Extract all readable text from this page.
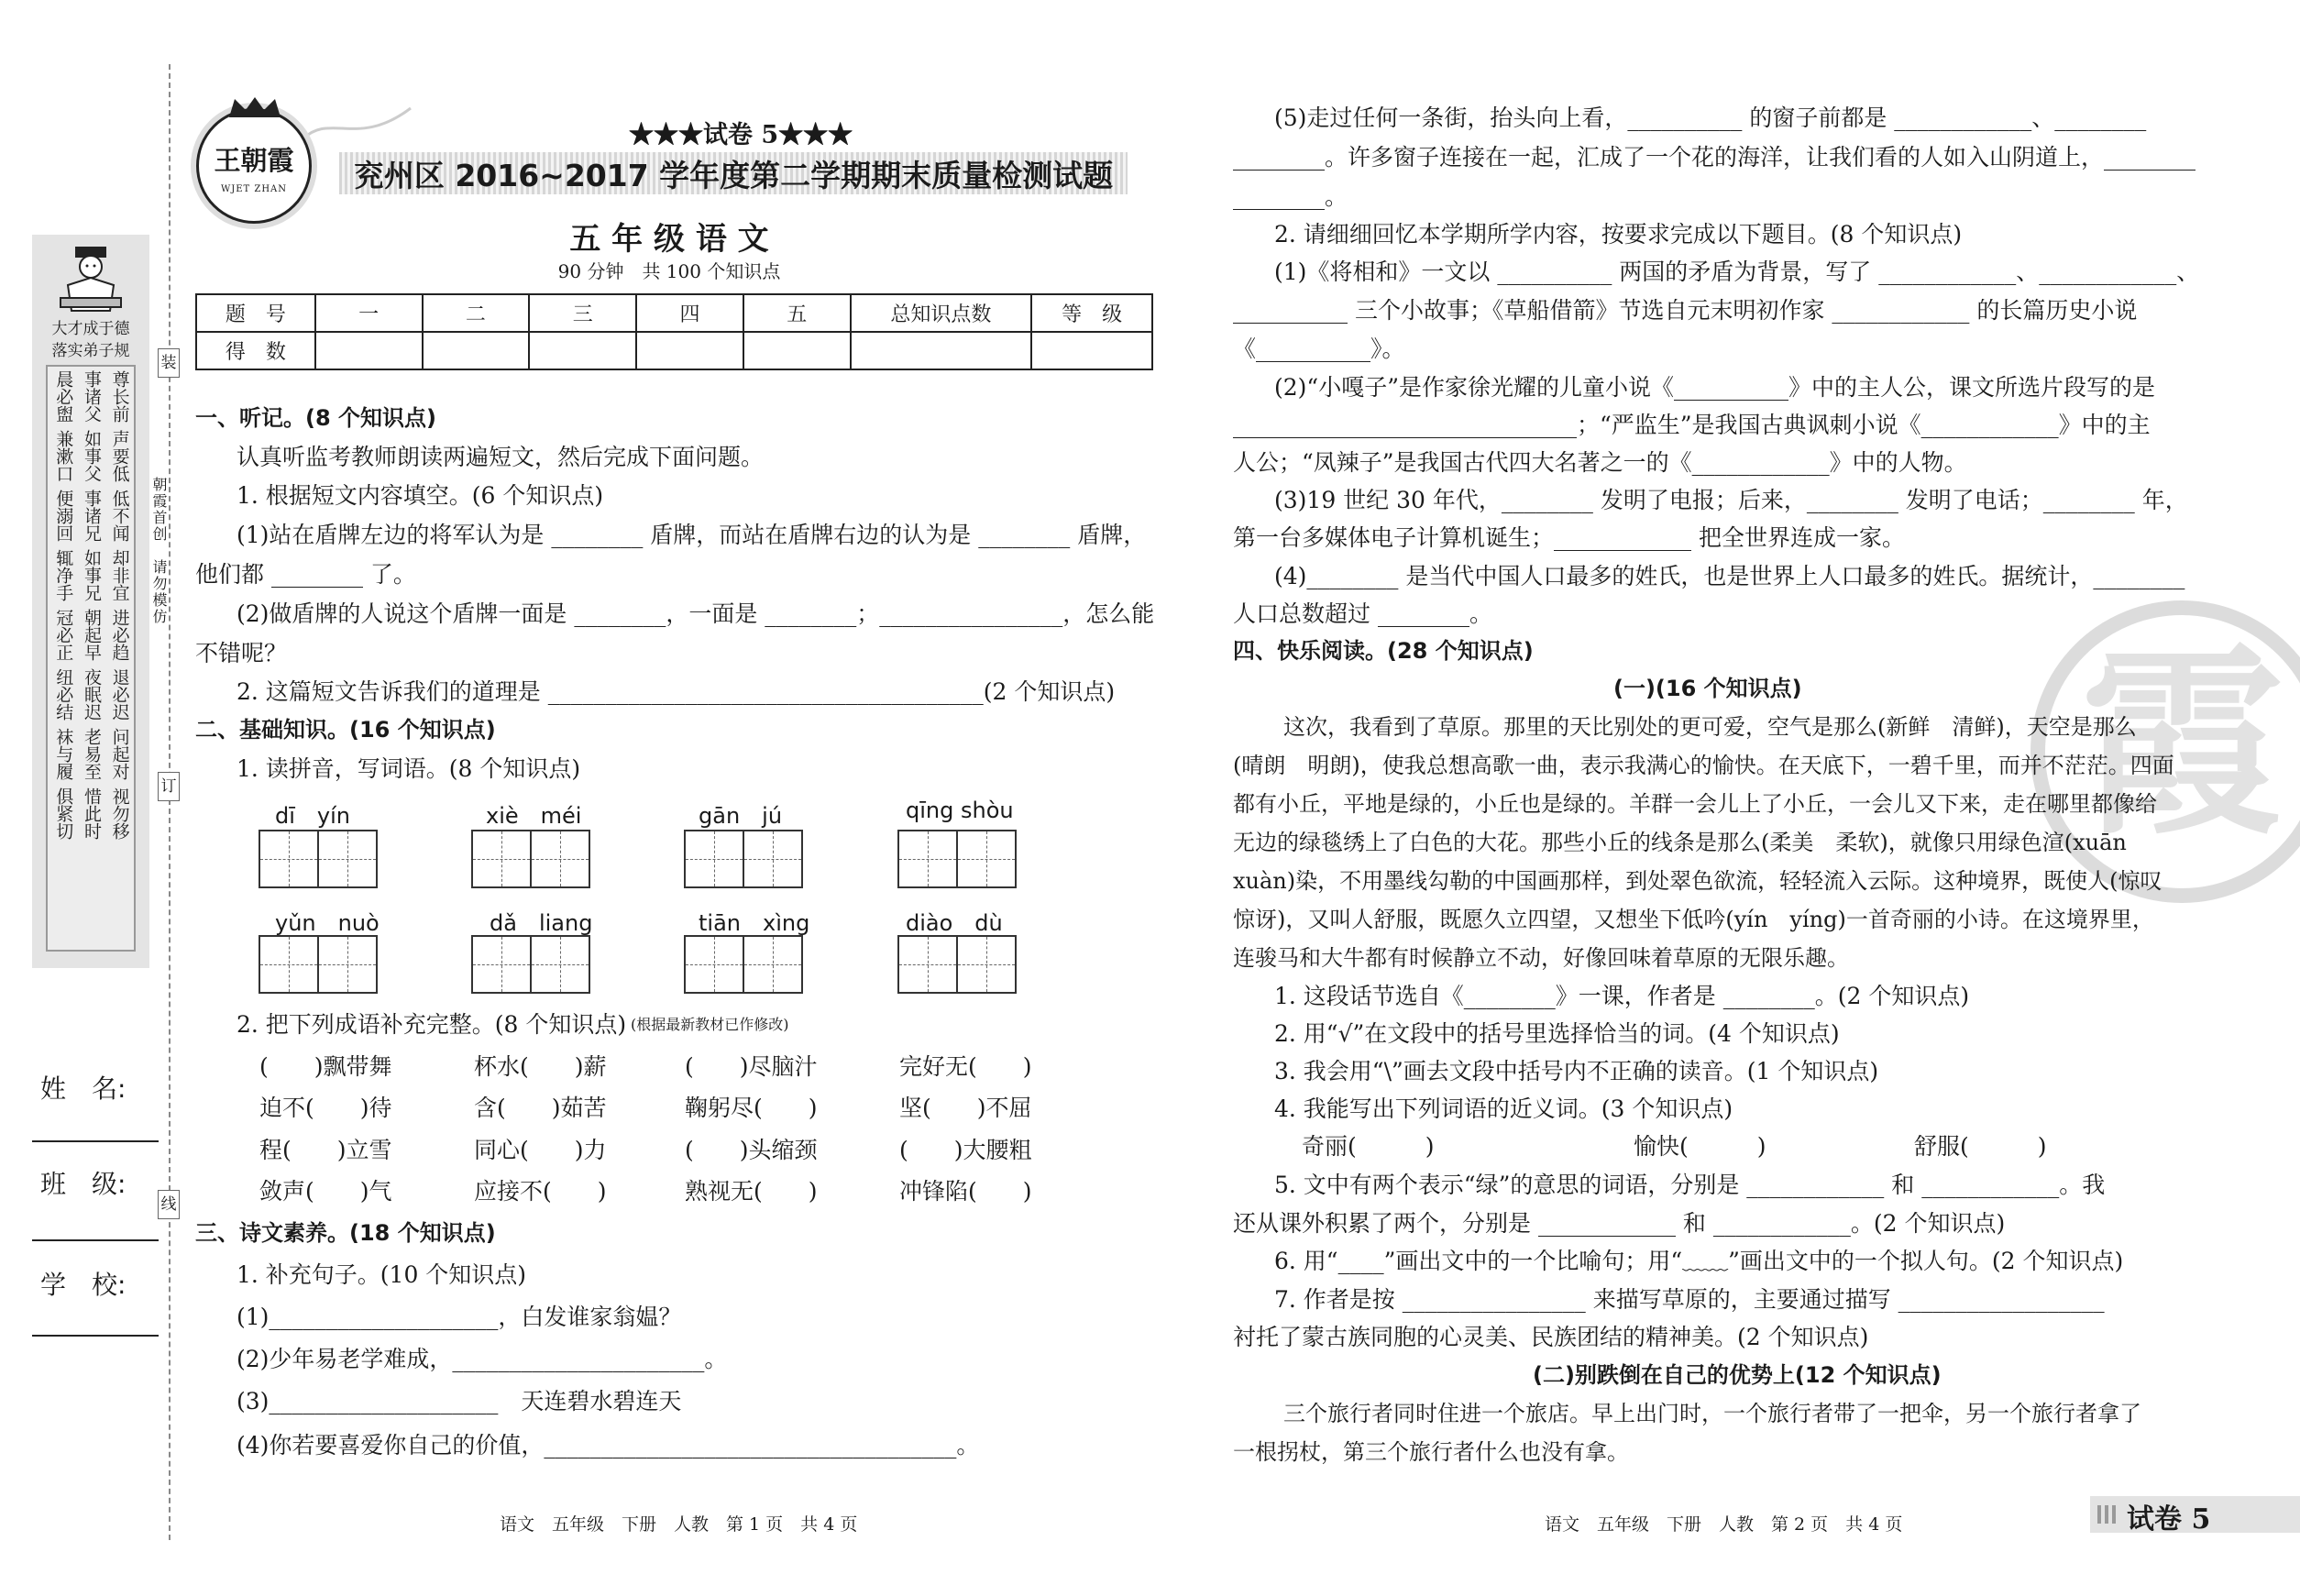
大才成于德
落实弟子规
晨必盥 事诸父 尊长前
兼漱口 如事父 声要低
便溺回 事诸兄 低不闻
辄净手 如事兄 却非宜
冠必正 朝起早 进必趋
纽必结 夜眠迟 退必迟
袜与履 老易至 问起对
俱紧切 惜此时 视勿移
姓　名:
班　级:
学　校:
装
订
线
朝霞首创　请勿模仿
王朝霞
WJET ZHAN
★★★试卷 5★★★
兖州区 2016~2017 学年度第二学期期末质量检测试题
五 年 级 语 文
90 分钟　共 100 个知识点
题　号	一	二	三	四	五	总知识点数	等　级
得　数							
一、听记。(8 个知识点)
认真听监考教师朗读两遍短文，然后完成下面问题。
1. 根据短文内容填空。(6 个知识点)
(1)站在盾牌左边的将军认为是 ________ 盾牌，而站在盾牌右边的认为是 ________ 盾牌，
他们都 ________ 了。
(2)做盾牌的人说这个盾牌一面是 ________，一面是 ________；________________，怎么能
不错呢？
2. 这篇短文告诉我们的道理是 ______________________________________(2 个知识点)
二、基础知识。(16 个知识点)
1. 读拼音，写词语。(8 个知识点)
dī　yín	xiè　méi	gān　jú	qīng shòu
yǔn　nuò	dǎ　liang	tiān　xìng	diào　dù
2. 把下列成语补充完整。(8 个知识点) (根据最新教材已作修改)
(　　)飘带舞	杯水(　　)薪	(　　)尽脑汁	完好无(　　)
迫不(　　)待	含(　　)茹苦	鞠躬尽(　　)	坚(　　)不屈
程(　　)立雪	同心(　　)力	(　　)头缩颈	(　　)大腰粗
敛声(　　)气	应接不(　　)	熟视无(　　)	冲锋陷(　　)
三、诗文素养。(18 个知识点)
1. 补充句子。(10 个知识点)
(1)____________________，白发谁家翁媪？
(2)少年易老学难成，______________________。
(3)____________________　天连碧水碧连天
(4)你若要喜爱你自己的价值，____________________________________。
语文　五年级　下册　人教　第 1 页　共 4 页
霞
(5)走过任何一条街，抬头向上看，__________ 的窗子前都是 ____________、________
________。许多窗子连接在一起，汇成了一个花的海洋，让我们看的人如入山阴道上，________
________。
2. 请细细回忆本学期所学内容，按要求完成以下题目。(8 个知识点)
(1)《将相和》一文以 __________ 两国的矛盾为背景，写了 ____________、____________、
__________ 三个小故事；《草船借箭》节选自元末明初作家 ____________ 的长篇历史小说
《__________》。
(2)“小嘎子”是作家徐光耀的儿童小说《__________》中的主人公，课文所选片段写的是
______________________________；“严监生”是我国古典讽刺小说《____________》中的主
人公；“凤辣子”是我国古代四大名著之一的《____________》中的人物。
(3)19 世纪 30 年代，________ 发明了电报；后来，________ 发明了电话；________ 年，
第一台多媒体电子计算机诞生；____________ 把全世界连成一家。
(4)________ 是当代中国人口最多的姓氏，也是世界上人口最多的姓氏。据统计，________
人口总数超过 ________。
四、快乐阅读。(28 个知识点)
(一)(16 个知识点)
这次，我看到了草原。那里的天比别处的更可爱，空气是那么(新鲜　清鲜)，天空是那么
(晴朗　明朗)，使我总想高歌一曲，表示我满心的愉快。在天底下，一碧千里，而并不茫茫。四面
都有小丘，平地是绿的，小丘也是绿的。羊群一会儿上了小丘，一会儿又下来，走在哪里都像给
无边的绿毯绣上了白色的大花。那些小丘的线条是那么(柔美　柔软)，就像只用绿色渲(xuān
xuàn)染，不用墨线勾勒的中国画那样，到处翠色欲流，轻轻流入云际。这种境界，既使人(惊叹
惊讶)，又叫人舒服，既愿久立四望，又想坐下低吟(yín　yíng)一首奇丽的小诗。在这境界里，
连骏马和大牛都有时候静立不动，好像回味着草原的无限乐趣。
1. 这段话节选自《________》一课，作者是 ________。(2 个知识点)
2. 用“√”在文段中的括号里选择恰当的词。(4 个知识点)
3. 我会用“\”画去文段中括号内不正确的读音。(1 个知识点)
4. 我能写出下列词语的近义词。(3 个知识点)
奇丽(　　　)	愉快(　　　)	舒服(　　　)
5. 文中有两个表示“绿”的意思的词语，分别是 ____________ 和 ____________。我
还从课外积累了两个，分别是 ____________ 和 ____________。(2 个知识点)
6. 用“____”画出文中的一个比喻句；用“﹏﹏”画出文中的一个拟人句。(2 个知识点)
7. 作者是按 ________________ 来描写草原的，主要通过描写 __________________
衬托了蒙古族同胞的心灵美、民族团结的精神美。(2 个知识点)
(二)别跌倒在自己的优势上(12 个知识点)
三个旅行者同时住进一个旅店。早上出门时，一个旅行者带了一把伞，另一个旅行者拿了
一根拐杖，第三个旅行者什么也没有拿。
语文　五年级　下册　人教　第 2 页　共 4 页	试卷 5
